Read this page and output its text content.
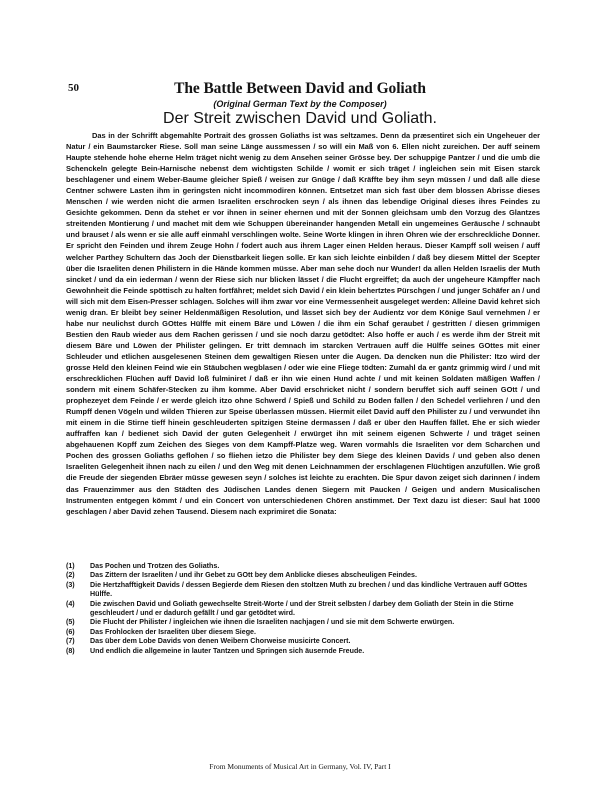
50	The Battle Between David and Goliath
(Original German Text by the Composer)
Der Streit zwischen David und Goliath.

Das in der Schrifft abgemahlte Portrait des grossen Goliaths ist was seltzames. Denn da præsentiret sich ein Ungeheuer der Natur / ein Baumstarcker Riese. Soll man seine Länge aussmessen / so will ein Maß von 6. Ellen nicht zureichen. Der auff seinem Haupte stehende hohe eherne Helm träget nicht wenig zu dem Ansehen seiner Grösse bey. Der schuppige Pantzer / und die umb die Schenckeln gelegte Bein-Harnische nebenst dem wichtigsten Schilde / womit er sich träget / ingleichen sein mit Eisen starck beschlagener und einem Weber-Baume gleicher Spieß / weisen zur Gnüge / daß Kräffte bey ihm seyn müssen / und daß alle diese Centner schwere Lasten ihm in geringsten nicht incommodiren können. Entsetzet man sich fast über dem blossen Abrisse dieses Menschen / wie werden nicht die armen Israeliten erschrocken seyn / als ihnen das lebendige Original dieses ihres Feindes zu Gesichte gekommen. Denn da stehet er vor ihnen in seiner ehernen und mit der Sonnen gleichsam umb den Vorzug des Glantzes streitenden Montierung / und machet mit dem wie Schuppen übereinander hangenden Metall ein ungemeines Geräusche / schnaubt und brauset / als wenn er sie alle auff einmahl verschlingen wolte. Seine Worte klingen in ihren Ohren wie der erschreckliche Donner. Er spricht den Feinden und ihrem Zeuge Hohn / fodert auch aus ihrem Lager einen Helden heraus. Dieser Kampff soll weisen / auff welcher Parthey Schultern das Joch der Dienstbarkeit liegen solle. Er kan sich leichte einbilden / daß bey diesem Mittel der Scepter über die Israeliten denen Philistern in die Hände kommen müsse. Aber man sehe doch nur Wunder! da allen Helden Israelis der Muth sincket / und da ein iederman / wenn der Riese sich nur blicken lässet / die Flucht ergreiffet; da auch der ungeheure Kämpffer nach Gewohnheit die Feinde spöttisch zu halten fortfähret; meldet sich David / ein klein behertztes Pürschgen / und junger Schäfer an / und will sich mit dem Eisen-Presser schlagen. Solches will ihm zwar vor eine Vermessenheit ausgeleget werden: Alleine David kehret sich wenig dran. Er bleibt bey seiner Heldenmäßigen Resolution, und lässet sich bey der Audientz vor dem Könige Saul vernehmen / er habe nur neulichst durch GOttes Hülffe mit einem Bäre und Löwen / die ihm ein Schaf geraubet / gestritten / diesen grimmigen Bestien den Raub wieder aus dem Rachen gerissen / und sie noch darzu getödtet: Also hoffe er auch / es werde ihm der Streit mit diesem Bäre und Löwen der Philister gelingen. Er tritt demnach im starcken Vertrauen auff die Hülffe seines GOttes mit einer Schleuder und etlichen ausgelesenen Steinen dem gewaltigen Riesen unter die Augen. Da dencken nun die Philister: Itzo wird der grosse Held den kleinen Feind wie ein Stäubchen wegblasen / oder wie eine Fliege tödten: Zumahl da er gantz grimmig wird / und mit erschrecklichen Flüchen auff David loß fulminiret / daß er ihn wie einen Hund achte / und mit keinen Soldaten mäßigen Waffen / sondern mit einem Schäfer-Stecken zu ihm komme. Aber David erschricket nicht / sondern beruffet sich auff seinen GOtt / und prophezeyet dem Feinde / er werde gleich itzo ohne Schwerd / Spieß und Schild zu Boden fallen / den Schedel verliehren / und den Rumpff denen Vögeln und wilden Thieren zur Speise überlassen müssen. Hiermit eilet David auff den Philister zu / und verwundet ihn mit einem in die Stirne tieff hinein geschleuderten spitzigen Steine dermassen / daß er über den Hauffen fället. Ehe er sich wieder auffraffen kan / bedienet sich David der guten Gelegenheit / erwürget ihn mit seinem eigenen Schwerte / und träget seinen abgehauenen Kopff zum Zeichen des Sieges von dem Kampff-Platze weg. Waren vormahls die Israeliten vor dem Scharchen und Pochen des grossen Goliaths geflohen / so fliehen ietzo die Philister bey dem Siege des kleinen Davids / und geben also denen Israeliten Gelegenheit ihnen nach zu eilen / und den Weg mit denen Leichnammen der erschlagenen Flüchtigen anzufüllen. Wie groß die Freude der siegenden Ebräer müsse gewesen seyn / solches ist leichte zu erachten. Die Spur davon zeiget sich darinnen / indem das Frauenzimmer aus den Städten des Jüdischen Landes denen Siegern mit Paucken / Geigen und andern Musicalischen Instrumenten entgegen kömmt / und ein Concert von unterschiedenen Chören anstimmet. Der Text dazu ist dieser: Saul hat 1000 geschlagen / aber David zehen Tausend. Diesem nach exprimiret die Sonata:

(1) Das Pochen und Trotzen des Goliaths.
(2) Das Zittern der Israeliten / und ihr Gebet zu GOtt bey dem Anblicke dieses abscheuligen Feindes.
(3) Die Hertzhafftigkeit Davids / dessen Begierde dem Riesen den stoltzen Muth zu brechen / und das kindliche Vertrauen auff GOttes Hülffe.
(4) Die zwischen David und Goliath gewechselte Streit-Worte / und der Streit selbsten / darbey dem Goliath der Stein in die Stirne geschleudert / und er dadurch gefällt / und gar getödtet wird.
(5) Die Flucht der Philister / ingleichen wie ihnen die Israeliten nachjagen / und sie mit dem Schwerte erwürgen.
(6) Das Frohlocken der Israeliten über diesem Siege.
(7) Das über dem Lobe Davids von denen Weibern Chorweise musicirte Concert.
(8) Und endlich die allgemeine in lauter Tantzen und Springen sich äusernde Freude.
From Monuments of Musical Art in Germany, Vol. IV, Part I
